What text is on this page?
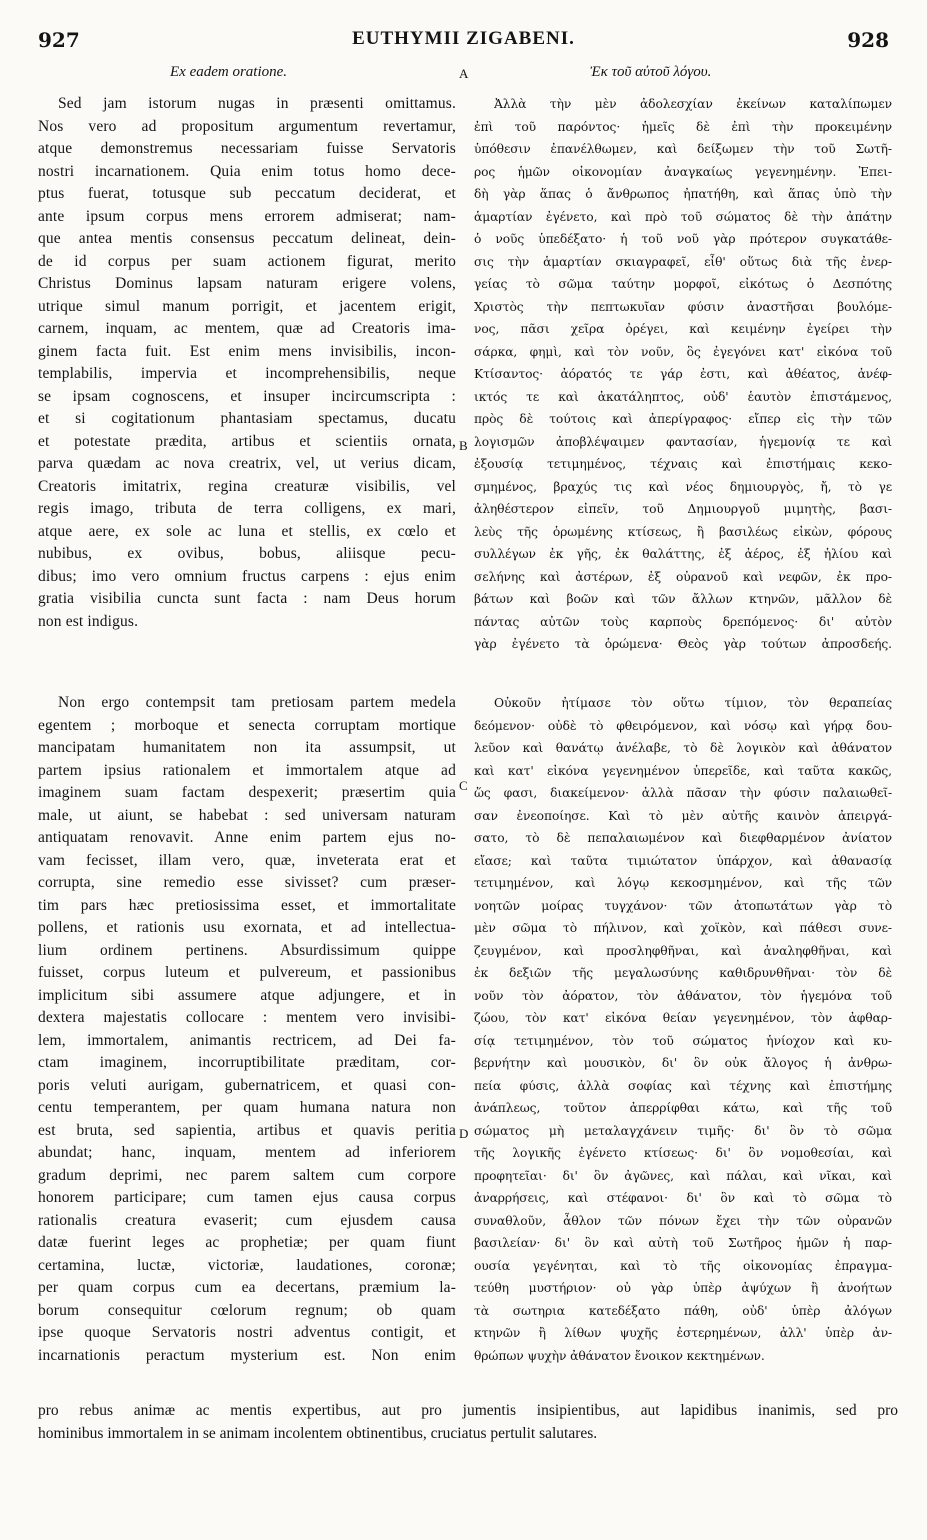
927	EUTHYMII ZIGABENI.	928
Ex eadem oratione.	Ἐκ τοῦ αὐτοῦ λόγου.
A
B
C
D
Sed jam istorum nugas in præsenti omittamus.
Nos vero ad propositum argumentum revertamur,
atque demonstremus necessariam fuisse Servatoris
nostri incarnationem. Quia enim totus homo dece-
ptus fuerat, totusque sub peccatum deciderat, et
ante ipsum corpus mens errorem admiserat; nam-
que antea mentis consensus peccatum delineat, dein-
de id corpus per suam actionem figurat, merito
Christus Dominus lapsam naturam erigere volens,
utrique simul manum porrigit, et jacentem erigit,
carnem, inquam, ac mentem, quæ ad Creatoris ima-
ginem facta fuit. Est enim mens invisibilis, incon-
templabilis, impervia et incomprehensibilis, neque
se ipsam cognoscens, et insuper incircumscripta :
et si cogitationum phantasiam spectamus, ducatu
et potestate prædita, artibus et scientiis ornata,
parva quædam ac nova creatrix, vel, ut verius dicam,
Creatoris imitatrix, regina creaturæ visibilis, vel
regis imago, tributa de terra colligens, ex mari,
atque aere, ex sole ac luna et stellis, ex cœlo et
nubibus, ex ovibus, bobus, aliisque pecu-
dibus; imo vero omnium fructus carpens : ejus enim
gratia visibilia cuncta sunt facta : nam Deus horum
non est indigus.
Non ergo contempsit tam pretiosam partem medela
egentem ; morboque et senecta corruptam mortique
mancipatam humanitatem non ita assumpsit, ut
partem ipsius rationalem et immortalem atque ad
imaginem suam factam despexerit; præsertim quia
male, ut aiunt, se habebat : sed universam naturam
antiquatam renovavit. Anne enim partem ejus no-
vam fecisset, illam vero, quæ, inveterata erat et
corrupta, sine remedio esse sivisset? cum præser-
tim pars hæc pretiosissima esset, et immortalitate
pollens, et rationis usu exornata, et ad intellectua-
lium ordinem pertinens. Absurdissimum quippe
fuisset, corpus luteum et pulvereum, et passionibus
implicitum sibi assumere atque adjungere, et in
dextera majestatis collocare : mentem vero invisibi-
lem, immortalem, animantis rectricem, ad Dei fa-
ctam imaginem, incorruptibilitate præditam, cor-
poris veluti aurigam, gubernatricem, et quasi con-
centu temperantem, per quam humana natura non
est bruta, sed sapientia, artibus et quavis peritia
abundat; hanc, inquam, mentem ad inferiorem
gradum deprimi, nec parem saltem cum corpore
honorem participare; cum tamen ejus causa corpus
rationalis creatura evaserit; cum ejusdem causa
datæ fuerint leges ac prophetiæ; per quam fiunt
certamina, luctæ, victoriæ, laudationes, coronæ;
per quam corpus cum ea decertans, præmium la-
borum consequitur cœlorum regnum; ob quam
ipse quoque Servatoris nostri adventus contigit, et
incarnationis peractum mysterium est. Non enim
Ἀλλὰ τὴν μὲν ἀδολεσχίαν ἐκείνων καταλίπωμεν
ἐπὶ τοῦ παρόντος· ἡμεῖς δὲ ἐπὶ τὴν προκειμένην
ὑπόθεσιν ἐπανέλθωμεν, καὶ δείξωμεν τὴν τοῦ Σωτῆ-
ρος ἡμῶν οἰκονομίαν ἀναγκαίως γεγενημένην. Ἐπει-
δὴ γὰρ ἅπας ὁ ἄνθρωπος ἠπατήθη, καὶ ἅπας ὑπὸ τὴν
ἁμαρτίαν ἐγένετο, καὶ πρὸ τοῦ σώματος δὲ τὴν ἀπάτην
ὁ νοῦς ὑπεδέξατο· ἡ τοῦ νοῦ γὰρ πρότερον συγκατάθε-
σις τὴν ἁμαρτίαν σκιαγραφεῖ, εἶθ' οὕτως διὰ τῆς ἐνερ-
γείας τὸ σῶμα ταύτην μορφοῖ, εἰκότως ὁ Δεσπότης
Χριστὸς τὴν πεπτωκυῖαν φύσιν ἀναστῆσαι βουλόμε-
νος, πᾶσι χεῖρα ὀρέγει, καὶ κειμένην ἐγείρει τὴν
σάρκα, φημὶ, καὶ τὸν νοῦν, ὃς ἐγεγόνει κατ' εἰκόνα τοῦ
Κτίσαντος· ἀόρατός τε γάρ ἐστι, καὶ ἀθέατος, ἀνέφ-
ικτός τε καὶ ἀκατάληπτος, οὐδ' ἑαυτὸν ἐπιστάμενος,
πρὸς δὲ τούτοις καὶ ἀπερίγραφος· εἴπερ εἰς τὴν τῶν
λογισμῶν ἀποβλέψαιμεν φαντασίαν, ἡγεμονίᾳ τε καὶ
ἐξουσίᾳ τετιμημένος, τέχναις καὶ ἐπιστήμαις κεκο-
σμημένος, βραχύς τις καὶ νέος δημιουργὸς, ἤ, τὸ γε
ἀληθέστερον εἰπεῖν, τοῦ Δημιουργοῦ μιμητὴς, βασι-
λεὺς τῆς ὁρωμένης κτίσεως, ἢ βασιλέως εἰκὼν, φόρους
συλλέγων ἐκ γῆς, ἐκ θαλάττης, ἐξ ἀέρος, ἐξ ἡλίου καὶ
σελήνης καὶ ἀστέρων, ἐξ οὐρανοῦ καὶ νεφῶν, ἐκ προ-
βάτων καὶ βοῶν καὶ τῶν ἄλλων κτηνῶν, μᾶλλον δὲ
πάντας αὐτῶν τοὺς καρποὺς δρεπόμενος· δι' αὐτὸν
γὰρ ἐγένετο τὰ ὁρώμενα· Θεὸς γὰρ τούτων ἀπροσδεής.
Οὐκοῦν ἠτίμασε τὸν οὕτω τίμιον, τὸν θεραπείας
δεόμενον· οὐδὲ τὸ φθειρόμενον, καὶ νόσῳ καὶ γήρᾳ δου-
λεῦον καὶ θανάτῳ ἀνέλαβε, τὸ δὲ λογικὸν καὶ ἀθάνατον
καὶ κατ' εἰκόνα γεγενημένον ὑπερεῖδε, καὶ ταῦτα κακῶς,
ὥς φασι, διακείμενον· ἀλλὰ πᾶσαν τὴν φύσιν παλαιωθεῖ-
σαν ἐνεοποίησε. Καὶ τὸ μὲν αὐτῆς καινὸν ἀπειργά-
σατο, τὸ δὲ πεπαλαιωμένον καὶ διεφθαρμένον ἀνίατον
εἴασε; καὶ ταῦτα τιμιώτατον ὑπάρχον, καὶ ἀθανασίᾳ
τετιμημένον, καὶ λόγῳ κεκοσμημένον, καὶ τῆς τῶν
νοητῶν μοίρας τυγχάνον· τῶν ἀτοπωτάτων γὰρ τὸ
μὲν σῶμα τὸ πήλινον, καὶ χοϊκὸν, καὶ πάθεσι συνε-
ζευγμένον, καὶ προσληφθῆναι, καὶ ἀναληφθῆναι, καὶ
ἐκ δεξιῶν τῆς μεγαλωσύνης καθιδρυνθῆναι· τὸν δὲ
νοῦν τὸν ἀόρατον, τὸν ἀθάνατον, τὸν ἡγεμόνα τοῦ
ζώου, τὸν κατ' εἰκόνα θείαν γεγενημένον, τὸν ἀφθαρ-
σίᾳ τετιμημένον, τὸν τοῦ σώματος ἡνίοχον καὶ κυ-
βερνήτην καὶ μουσικὸν, δι' ὃν οὐκ ἄλογος ἡ ἀνθρω-
πεία φύσις, ἀλλὰ σοφίας καὶ τέχνης καὶ ἐπιστήμης
ἀνάπλεως, τοῦτον ἀπερρίφθαι κάτω, καὶ τῆς τοῦ
σώματος μὴ μεταλαγχάνειν τιμῆς· δι' ὃν τὸ σῶμα
τῆς λογικῆς ἐγένετο κτίσεως· δι' ὃν νομοθεσίαι, καὶ
προφητεῖαι· δι' ὃν ἀγῶνες, καὶ πάλαι, καὶ νῖκαι, καὶ
ἀναρρήσεις, καὶ στέφανοι· δι' ὃν καὶ τὸ σῶμα τὸ
συναθλοῦν, ἆθλον τῶν πόνων ἔχει τὴν τῶν οὐρανῶν
βασιλείαν· δι' ὃν καὶ αὐτὴ τοῦ Σωτῆρος ἡμῶν ἡ παρ-
ουσία γεγένηται, καὶ τὸ τῆς οἰκονομίας ἐπραγμα-
τεύθη μυστήριον· οὐ γὰρ ὑπὲρ ἀψύχων ἢ ἀνοήτων
τὰ σωτηρια κατεδέξατο πάθη, οὐδ' ὑπὲρ ἀλόγων
κτηνῶν ἢ λίθων ψυχῆς ἐστερημένων, ἀλλ' ὑπὲρ ἀν-
θρώπων ψυχὴν ἀθάνατον ἔνοικον κεκτημένων.
pro rebus animæ ac mentis expertibus, aut pro jumentis insipientibus, aut lapidibus inanimis, sed pro
hominibus immortalem in se animam incolentem obtinentibus, cruciatus pertulit salutares.
